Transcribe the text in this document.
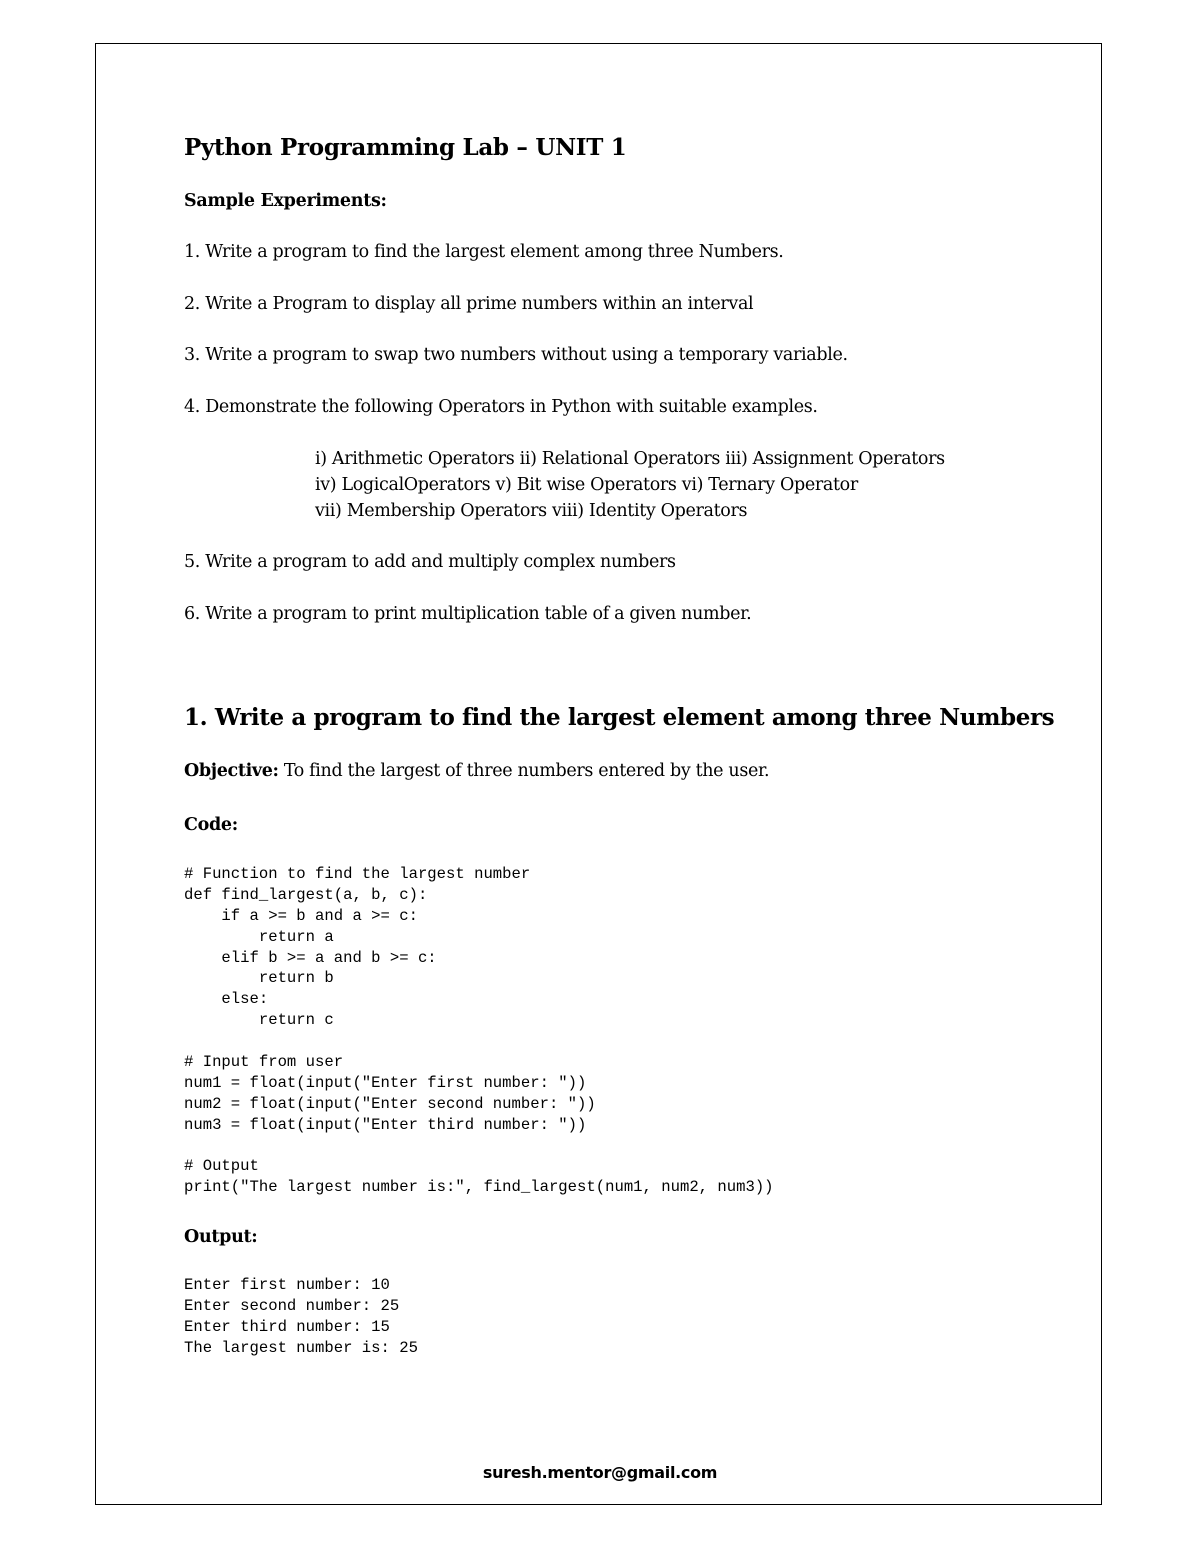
Python Programming Lab – UNIT 1
Sample Experiments:
1. Write a program to find the largest element among three Numbers.
2. Write a Program to display all prime numbers within an interval
3. Write a program to swap two numbers without using a temporary variable.
4. Demonstrate the following Operators in Python with suitable examples.
i) Arithmetic Operators ii) Relational Operators iii) Assignment Operators
iv) LogicalOperators v) Bit wise Operators vi) Ternary Operator
vii) Membership Operators viii) Identity Operators
5. Write a program to add and multiply complex numbers
6. Write a program to print multiplication table of a given number.
1. Write a program to find the largest element among three Numbers
Objective: To find the largest of three numbers entered by the user.
Code:
# Function to find the largest number
def find_largest(a, b, c):
if a >= b and a >= c:
return a
elif b >= a and b >= c:
return b
else:
return c
# Input from user
num1 = float(input("Enter first number: "))
num2 = float(input("Enter second number: "))
num3 = float(input("Enter third number: "))
# Output
print("The largest number is:", find_largest(num1, num2, num3))
Output:
Enter first number: 10
Enter second number: 25
Enter third number: 15
The largest number is: 25
suresh.mentor@gmail.com
